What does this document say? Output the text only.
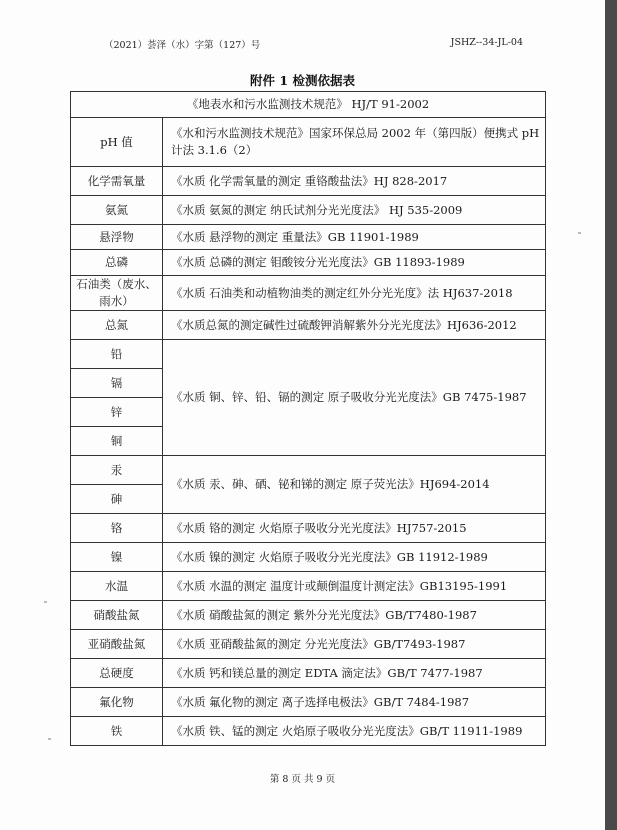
（2021）荟泽（水）字第（127）号	JSHZ--34-JL-04
附件 1 检测依据表
《地表水和污水监测技术规范》 HJ/T 91-2002	
pH 值	《水和污水监测技术规范》国家环保总局 2002 年（第四版）便携式 pH 计法 3.1.6（2）
化学需氧量	《水质 化学需氧量的测定 重铬酸盐法》HJ 828-2017
氨氮	《水质 氨氮的测定 纳氏试剂分光光度法》 HJ 535-2009
悬浮物	《水质 悬浮物的测定 重量法》GB 11901-1989
总磷	《水质 总磷的测定 钼酸铵分光光度法》GB 11893-1989
石油类（废水、雨水）	《水质 石油类和动植物油类的测定红外分光光度》法 HJ637-2018
总氮	《水质总氮的测定碱性过硫酸钾消解紫外分光光度法》HJ636-2012
铅	《水质 铜、锌、铅、镉的测定 原子吸收分光光度法》GB 7475-1987
镉	
锌	
铜	
汞	《水质 汞、砷、硒、铋和锑的测定 原子荧光法》HJ694-2014
砷	
铬	《水质 铬的测定 火焰原子吸收分光光度法》HJ757-2015
镍	《水质 镍的测定 火焰原子吸收分光光度法》GB 11912-1989
水温	《水质 水温的测定 温度计或颠倒温度计测定法》GB13195-1991
硝酸盐氮	《水质 硝酸盐氮的测定 紫外分光光度法》GB/T7480-1987
亚硝酸盐氮	《水质 亚硝酸盐氮的测定 分光光度法》GB/T7493-1987
总硬度	《水质 钙和镁总量的测定 EDTA 滴定法》GB/T 7477-1987
氟化物	《水质 氟化物的测定 离子选择电极法》GB/T 7484-1987
铁	《水质 铁、锰的测定 火焰原子吸收分光光度法》GB/T 11911-1989
第 8 页 共 9 页
